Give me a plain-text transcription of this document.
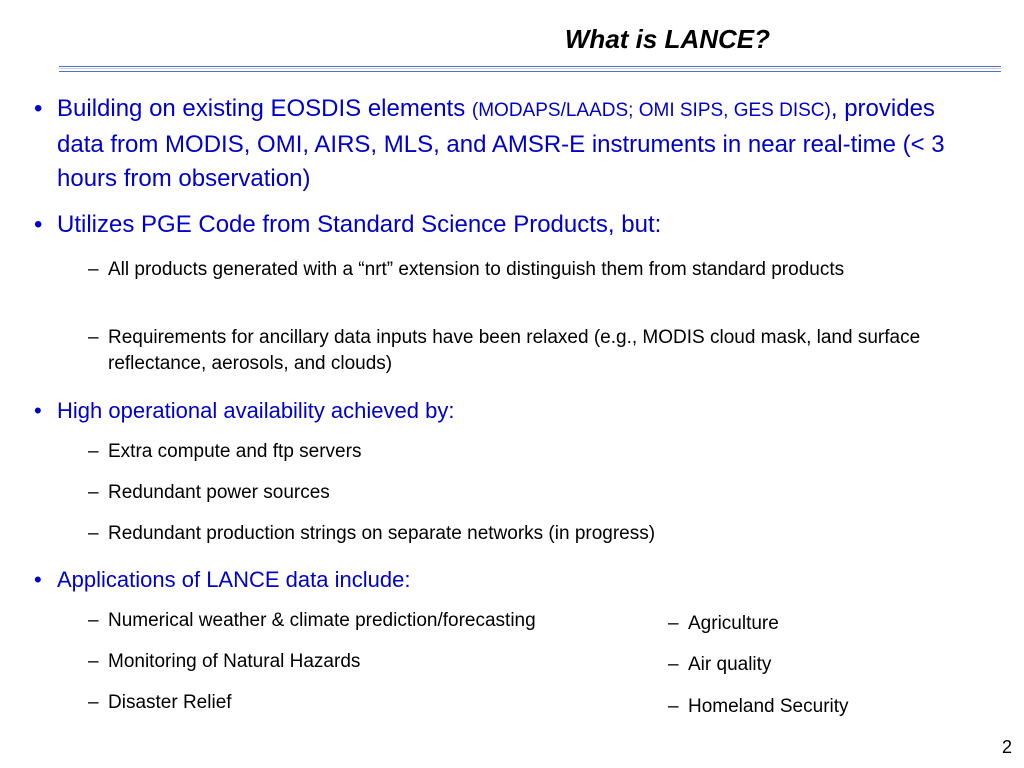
What is LANCE?
• Building on existing EOSDIS elements (MODAPS/LAADS; OMI SIPS, GES DISC), provides data from MODIS, OMI, AIRS, MLS, and AMSR-E instruments in near real-time (< 3 hours from observation)
• Utilizes PGE Code from Standard Science Products, but:
– All products generated with a “nrt” extension to distinguish them from standard products
– Requirements for ancillary data inputs have been relaxed (e.g., MODIS cloud mask, land surface reflectance, aerosols, and clouds)
• High operational availability achieved by:
– Extra compute and ftp servers
– Redundant power sources
– Redundant production strings on separate networks (in progress)
• Applications of LANCE data include:
– Numerical weather & climate prediction/forecasting
– Monitoring of Natural Hazards
– Disaster Relief
– Agriculture
– Air quality
– Homeland Security
2
